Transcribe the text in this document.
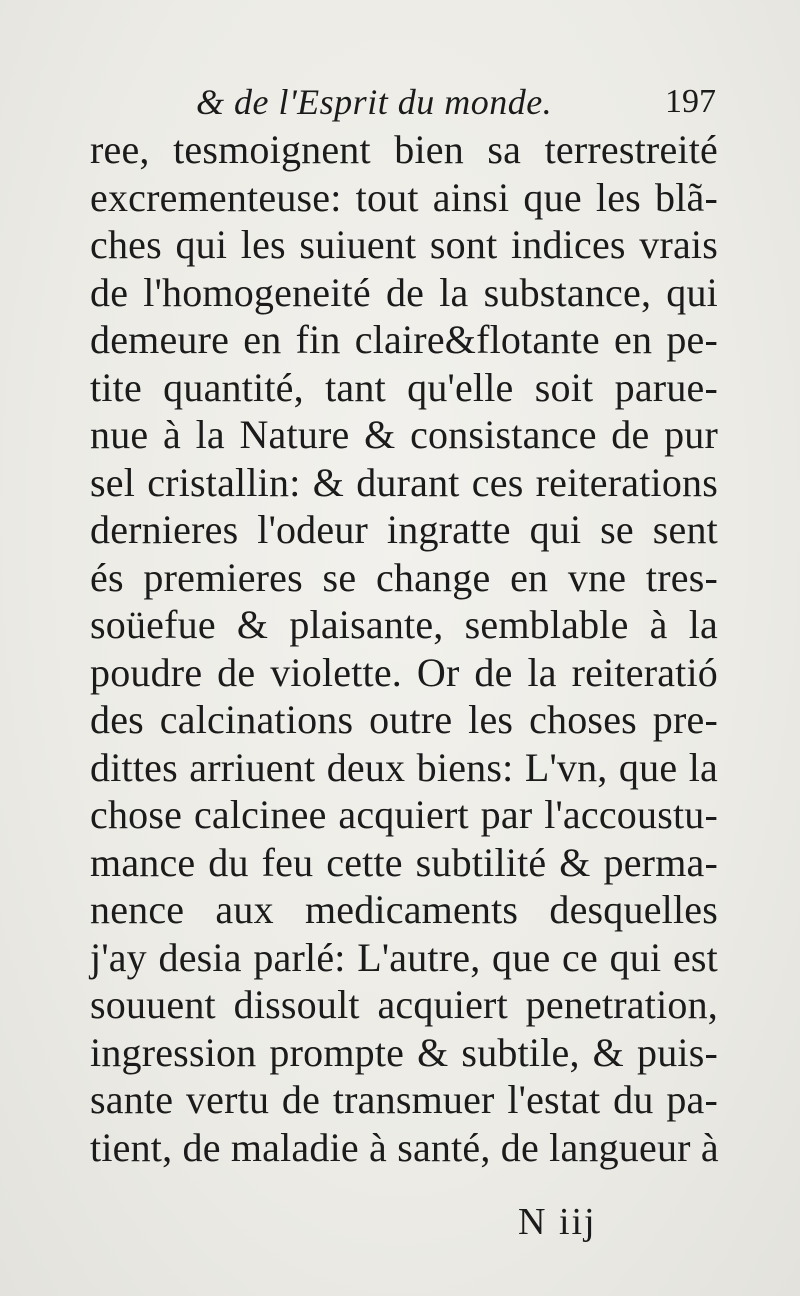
& de l'Esprit du monde.	197
ree, tesmoignent bien sa terrestreité
excrementeuse: tout ainsi que les blã-
ches qui les suiuent sont indices vrais
de l'homogeneité de la substance, qui
demeure en fin claire&flotante en pe-
tite quantité, tant qu'elle soit parue-
nue à la Nature & consistance de pur
sel cristallin: & durant ces reiterations
dernieres l'odeur ingratte qui se sent
és premieres se change en vne tres-
soüefue & plaisante, semblable à la
poudre de violette. Or de la reiteratió
des calcinations outre les choses pre-
dittes arriuent deux biens: L'vn, que la
chose calcinee acquiert par l'accoustu-
mance du feu cette subtilité & perma-
nence aux medicaments desquelles
j'ay desia parlé: L'autre, que ce qui est
souuent dissoult acquiert penetration,
ingression prompte & subtile, & puis-
sante vertu de transmuer l'estat du pa-
tient, de maladie à santé, de langueur à
N iij
